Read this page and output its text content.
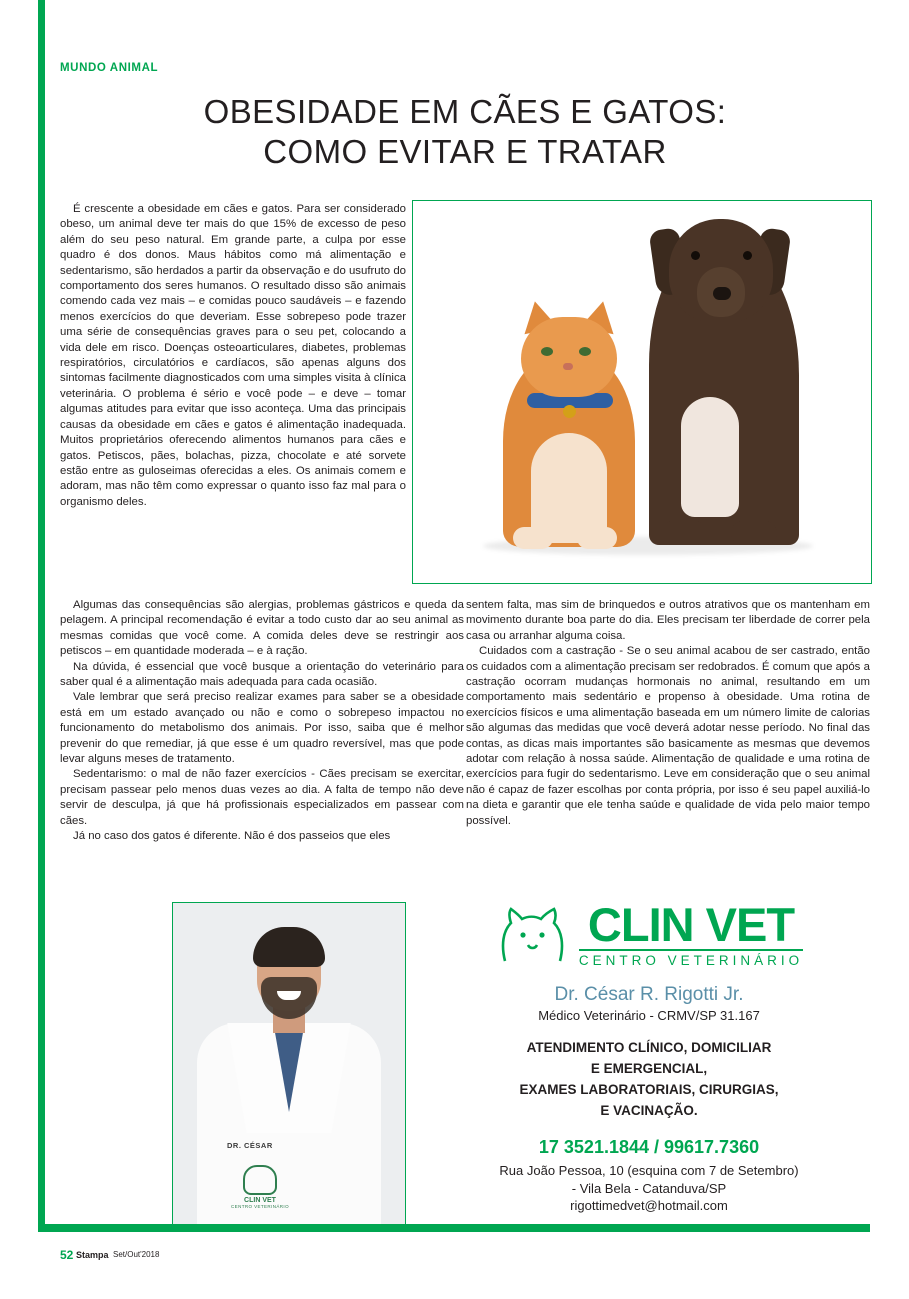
MUNDO ANIMAL
OBESIDADE EM CÃES E GATOS:
COMO EVITAR E TRATAR

É crescente a obesidade em cães e gatos. Para ser considerado obeso, um animal deve ter mais do que 15% de excesso de peso além do seu peso natural. Em grande parte, a culpa por esse quadro é dos donos. Maus hábitos como má alimentação e sedentarismo, são herdados a partir da observação e do usufruto do comportamento dos seres humanos. O resultado disso são animais comendo cada vez mais – e comidas pouco saudáveis – e fazendo menos exercícios do que deveriam. Esse sobrepeso pode trazer uma série de consequências graves para o seu pet, colocando a vida dele em risco. Doenças osteoarticulares, diabetes, problemas respiratórios, circulatórios e cardíacos, são apenas alguns dos sintomas facilmente diagnosticados com uma simples visita à clínica veterinária. O problema é sério e você pode – e deve – tomar algumas atitudes para evitar que isso aconteça. Uma das principais causas da obesidade em cães e gatos é alimentação inadequada. Muitos proprietários oferecendo alimentos humanos para cães e gatos. Petiscos, pães, bolachas, pizza, chocolate e até sorvete estão entre as guloseimas oferecidas a eles. Os animais comem e adoram, mas não têm como expressar o quanto isso faz mal para o organismo deles.

Algumas das consequências são alergias, problemas gástricos e queda da pelagem. A principal recomendação é evitar a todo custo dar ao seu animal as mesmas comidas que você come. A comida deles deve se restringir aos petiscos – em quantidade moderada – e à ração.

Na dúvida, é essencial que você busque a orientação do veterinário para saber qual é a alimentação mais adequada para cada ocasião.

Vale lembrar que será preciso realizar exames para saber se a obesidade está em um estado avançado ou não e como o sobrepeso impactou no funcionamento do metabolismo dos animais. Por isso, saiba que é melhor prevenir do que remediar, já que esse é um quadro reversível, mas que pode levar alguns meses de tratamento.

Sedentarismo: o mal de não fazer exercícios - Cães precisam se exercitar, precisam passear pelo menos duas vezes ao dia. A falta de tempo não deve servir de desculpa, já que há profissionais especializados em passear com cães.

Já no caso dos gatos é diferente. Não é dos passeios que eles

sentem falta, mas sim de brinquedos e outros atrativos que os mantenham em movimento durante boa parte do dia. Eles precisam ter liberdade de correr pela casa ou arranhar alguma coisa.

Cuidados com a castração - Se o seu animal acabou de ser castrado, então os cuidados com a alimentação precisam ser redobrados. É comum que após a castração ocorram mudanças hormonais no animal, resultando em um comportamento mais sedentário e propenso à obesidade. Uma rotina de exercícios físicos e uma alimentação baseada em um número limite de calorias são algumas das medidas que você deverá adotar nesse período. No final das contas, as dicas mais importantes são basicamente as mesmas que devemos adotar com relação à nossa saúde. Alimentação de qualidade e uma rotina de exercícios para fugir do sedentarismo. Leve em consideração que o seu animal não é capaz de fazer escolhas por conta própria, por isso é seu papel auxiliá-lo na dieta e garantir que ele tenha saúde e qualidade de vida pelo maior tempo possível.

DR. CÉSAR
CLIN VET
CENTRO VETERINÁRIO
CLIN VET
CENTRO VETERINÁRIO
Dr. César R. Rigotti Jr.
Médico Veterinário - CRMV/SP 31.167
ATENDIMENTO CLÍNICO, DOMICILIAR
E EMERGENCIAL,
EXAMES LABORATORIAIS, CIRURGIAS,
E VACINAÇÃO.
17 3521.1844 / 99617.7360
Rua João Pessoa, 10 (esquina com 7 de Setembro)
- Vila Bela - Catanduva/SP
rigottimedvet@hotmail.com
52 Stampa Set/Out'2018
